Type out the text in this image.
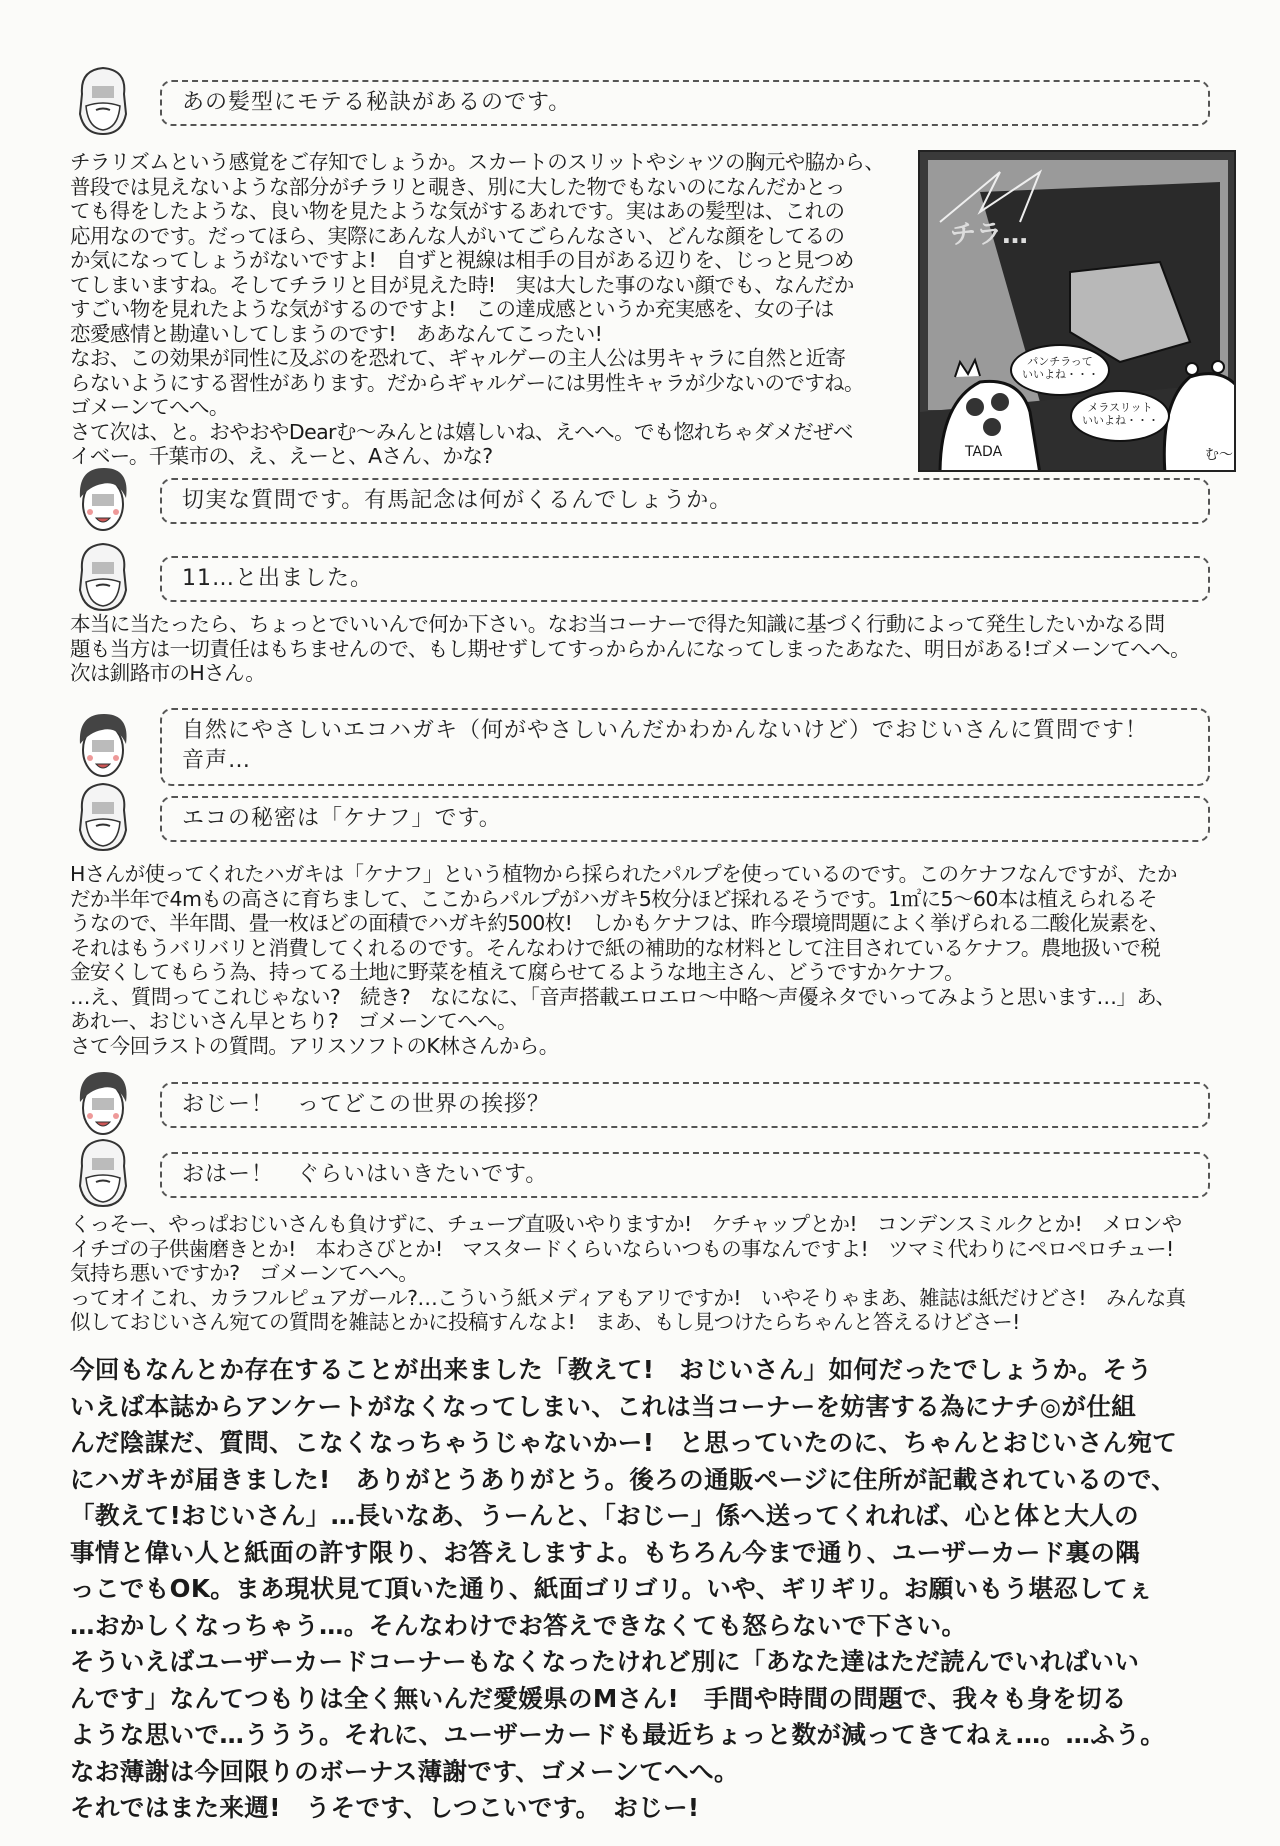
あの髪型にモテる秘訣があるのです。
切実な質問です。有馬記念は何がくるんでしょうか。
11…と出ました。
自然にやさしいエコハガキ（何がやさしいんだかわかんないけど）でおじいさんに質問です！
音声…
エコの秘密は「ケナフ」です。
おじー！　ってどこの世界の挨拶？
おはー！　ぐらいはいきたいです。
チラリズムという感覚をご存知でしょうか。スカートのスリットやシャツの胸元や脇から、
普段では見えないような部分がチラリと覗き、別に大した物でもないのになんだかとっ
ても得をしたような、良い物を見たような気がするあれです。実はあの髪型は、これの
応用なのです。だってほら、実際にあんな人がいてごらんなさい、どんな顔をしてるの
か気になってしょうがないですよ!　自ずと視線は相手の目がある辺りを、じっと見つめ
てしまいますね。そしてチラリと目が見えた時!　実は大した事のない顔でも、なんだか
すごい物を見れたような気がするのですよ!　この達成感というか充実感を、女の子は
恋愛感情と勘違いしてしまうのです!　ああなんてこったい!
なお、この効果が同性に及ぶのを恐れて、ギャルゲーの主人公は男キャラに自然と近寄
らないようにする習性があります。だからギャルゲーには男性キャラが少ないのですね。
ゴメーンてへへ。
さて次は、と。おやおやDearむ～みんとは嬉しいね、えへへ。でも惚れちゃダメだぜベ
イベー。千葉市の、え、えーと、Aさん、かな?
本当に当たったら、ちょっとでいいんで何か下さい。なお当コーナーで得た知識に基づく行動によって発生したいかなる問
題も当方は一切責任はもちませんので、もし期せずしてすっからかんになってしまったあなた、明日がある!ゴメーンてへへ。
次は釧路市のHさん。
Hさんが使ってくれたハガキは「ケナフ」という植物から採られたパルプを使っているのです。このケナフなんですが、たか
だか半年で4mもの高さに育ちまして、ここからパルプがハガキ5枚分ほど採れるそうです。1㎡に5～60本は植えられるそ
うなので、半年間、畳一枚ほどの面積でハガキ約500枚!　しかもケナフは、昨今環境問題によく挙げられる二酸化炭素を、
それはもうバリバリと消費してくれるのです。そんなわけで紙の補助的な材料として注目されているケナフ。農地扱いで税
金安くしてもらう為、持ってる土地に野菜を植えて腐らせてるような地主さん、どうですかケナフ。
…え、質問ってこれじゃない?　続き?　なになに、「音声搭載エロエロ～中略～声優ネタでいってみようと思います…」あ、
あれー、おじいさん早とちり?　ゴメーンてへへ。
さて今回ラストの質問。アリスソフトのK林さんから。
くっそー、やっぱおじいさんも負けずに、チューブ直吸いやりますか!　ケチャップとか!　コンデンスミルクとか!　メロンや
イチゴの子供歯磨きとか!　本わさびとか!　マスタードくらいならいつもの事なんですよ!　ツマミ代わりにペロペロチュー!
気持ち悪いですか?　ゴメーンてへへ。
ってオイこれ、カラフルピュアガール?…こういう紙メディアもアリですか!　いやそりゃまあ、雑誌は紙だけどさ!　みんな真
似しておじいさん宛ての質問を雑誌とかに投稿すんなよ!　まあ、もし見つけたらちゃんと答えるけどさー!
今回もなんとか存在することが出来ました「教えて!　おじいさん」如何だったでしょうか。そう
いえば本誌からアンケートがなくなってしまい、これは当コーナーを妨害する為にナチ◎が仕組
んだ陰謀だ、質問、こなくなっちゃうじゃないかー!　と思っていたのに、ちゃんとおじいさん宛て
にハガキが届きました!　ありがとうありがとう。後ろの通販ページに住所が記載されているので、
「教えて!おじいさん」…長いなあ、うーんと、「おじー」係へ送ってくれれば、心と体と大人の
事情と偉い人と紙面の許す限り、お答えしますよ。もちろん今まで通り、ユーザーカード裏の隅
っこでもOK。まあ現状見て頂いた通り、紙面ゴリゴリ。いや、ギリギリ。お願いもう堪忍してぇ
…おかしくなっちゃう…。そんなわけでお答えできなくても怒らないで下さい。
そういえばユーザーカードコーナーもなくなったけれど別に「あなた達はただ読んでいればいい
んです」なんてつもりは全く無いんだ愛媛県のMさん!　手間や時間の問題で、我々も身を切る
ような思いで…ううう。それに、ユーザーカードも最近ちょっと数が減ってきてねぇ…。…ふう。
なお薄謝は今回限りのボーナス薄謝です、ゴメーンてへへ。
それではまた来週!　うそです、しつこいです。　おじー!
チラ…
パンチラって
いいよね・・・
メラスリット
いいよね・・・
TADA	む～
